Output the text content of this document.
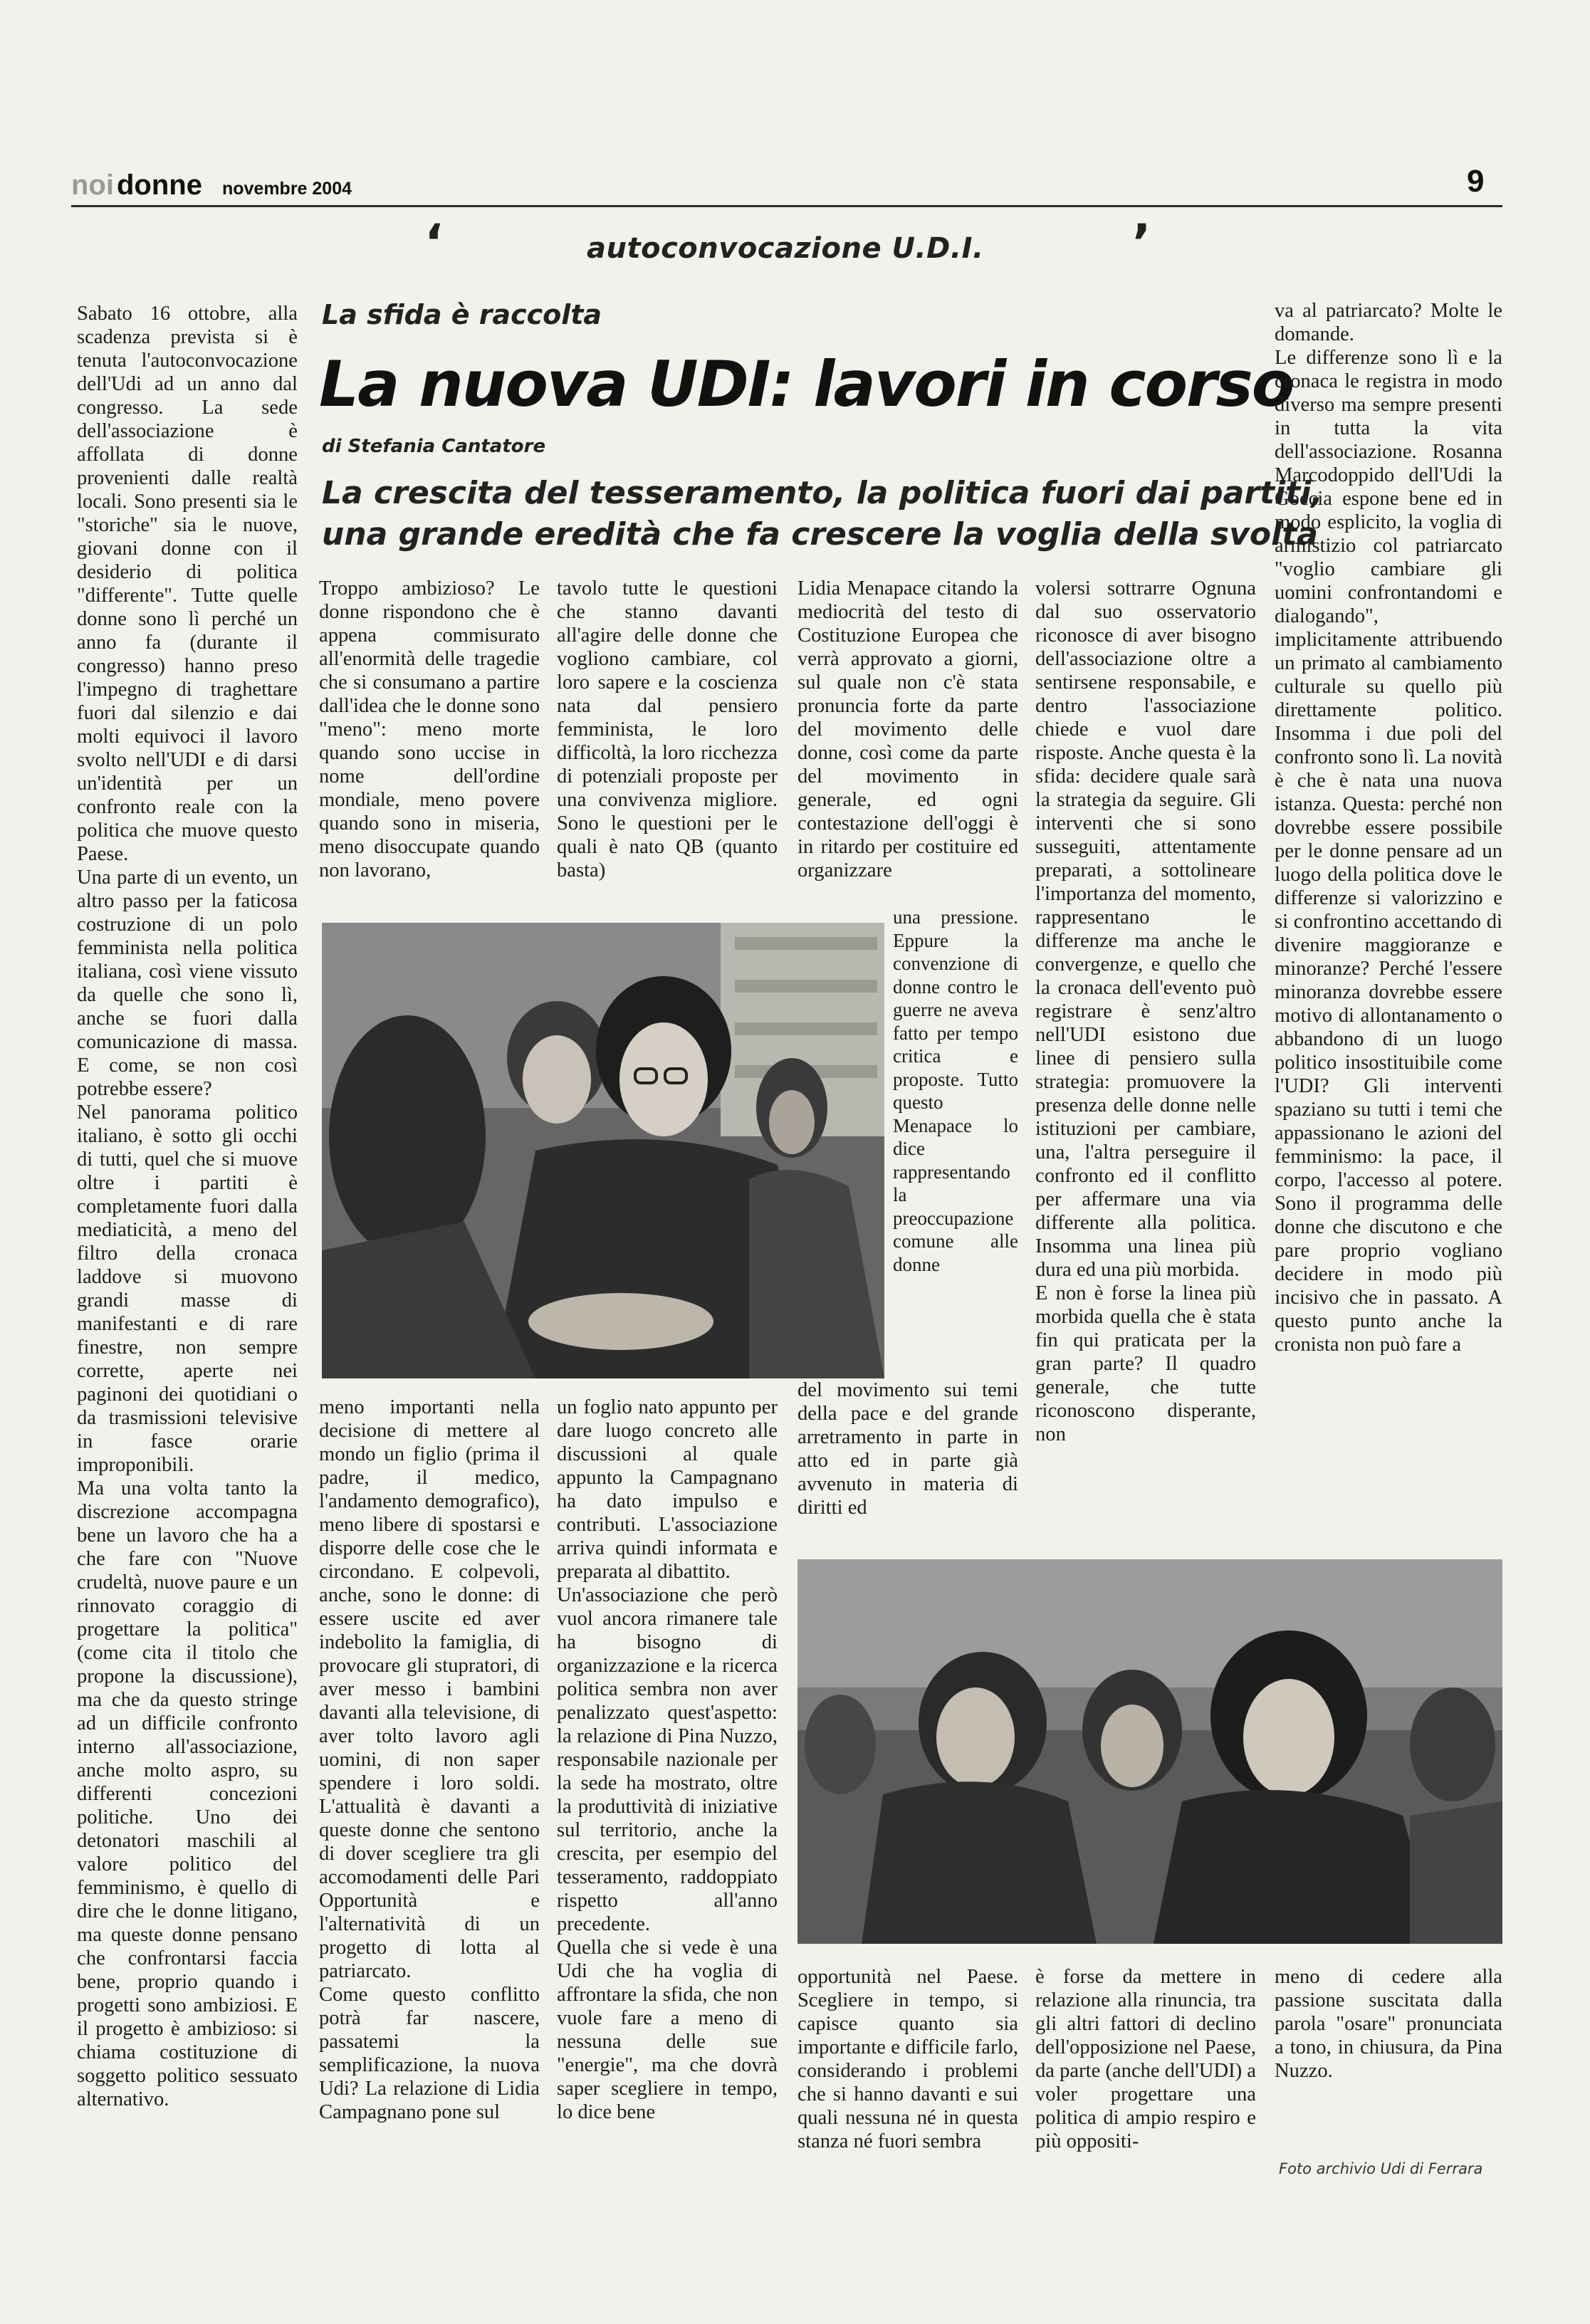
noi donne novembre 2004	9
‘	autoconvocazione U.D.I.	’
La sfida è raccolta
La nuova UDI: lavori in corso
di Stefania Cantatore
La crescita del tesseramento, la politica fuori dai partiti,
una grande eredità che fa crescere la voglia della svolta
Sabato 16 ottobre, alla scadenza prevista si è tenuta l'autoconvocazione dell'Udi ad un anno dal congresso. La sede dell'associazione è affollata di donne provenienti dalle realtà locali. Sono presenti sia le "storiche" sia le nuove, giovani donne con il desiderio di politica "differente". Tutte quelle donne sono lì perché un anno fa (durante il congresso) hanno preso l'impegno di traghettare fuori dal silenzio e dai molti equivoci il lavoro svolto nell'UDI e di darsi un'identità per un confronto reale con la politica che muove questo Paese.
Una parte di un evento, un altro passo per la faticosa costruzione di un polo femminista nella politica italiana, così viene vissuto da quelle che sono lì, anche se fuori dalla comunicazione di massa. E come, se non così potrebbe essere?
Nel panorama politico italiano, è sotto gli occhi di tutti, quel che si muove oltre i partiti è completamente fuori dalla mediaticità, a meno del filtro della cronaca laddove si muovono grandi masse di manifestanti e di rare finestre, non sempre corrette, aperte nei paginoni dei quotidiani o da trasmissioni televisive in fasce orarie improponibili.
Ma una volta tanto la discrezione accompagna bene un lavoro che ha a che fare con "Nuove crudeltà, nuove paure e un rinnovato coraggio di progettare la politica" (come cita il titolo che propone la discussione), ma che da questo stringe ad un difficile confronto interno all'associazione, anche molto aspro, su differenti concezioni politiche. Uno dei detonatori maschili al valore politico del femminismo, è quello di dire che le donne litigano, ma queste donne pensano che confrontarsi faccia bene, proprio quando i progetti sono ambiziosi. E il progetto è ambizioso: si chiama costituzione di soggetto politico sessuato alternativo.
Troppo ambizioso? Le donne rispondono che è appena commisurato all'enormità delle tragedie che si consumano a partire dall'idea che le donne sono "meno": meno morte quando sono uccise in nome dell'ordine mondiale, meno povere quando sono in miseria, meno disoccupate quando non lavorano,
tavolo tutte le questioni che stanno davanti all'agire delle donne che vogliono cambiare, col loro sapere e la coscienza nata dal pensiero femminista, le loro difficoltà, la loro ricchezza di potenziali proposte per una convivenza migliore. Sono le questioni per le quali è nato QB (quanto basta)
Lidia Menapace citando la mediocrità del testo di Costituzione Europea che verrà approvato a giorni, sul quale non c'è stata pronuncia forte da parte del movimento delle donne, così come da parte del movimento in generale, ed ogni contestazione dell'oggi è in ritardo per costituire ed organizzare
una pressione. Eppure la convenzione di donne contro le guerre ne aveva fatto per tempo critica e proposte. Tutto questo Menapace lo dice rappresentando la preoccupazione comune alle donne
del movimento sui temi della pace e del grande arretramento in parte in atto ed in parte già avvenuto in materia di diritti ed
volersi sottrarre Ognuna dal suo osservatorio riconosce di aver bisogno dell'associazione oltre a sentirsene responsabile, e dentro l'associazione chiede e vuol dare risposte. Anche questa è la sfida: decidere quale sarà la strategia da seguire. Gli interventi che si sono susseguiti, attentamente preparati, a sottolineare l'importanza del momento, rappresentano le differenze ma anche le convergenze, e quello che la cronaca dell'evento può registrare è senz'altro nell'UDI esistono due linee di pensiero sulla strategia: promuovere la presenza delle donne nelle istituzioni per cambiare, una, l'altra perseguire il confronto ed il conflitto per affermare una via differente alla politica. Insomma una linea più dura ed una più morbida.
E non è forse la linea più morbida quella che è stata fin qui praticata per la gran parte? Il quadro generale, che tutte riconoscono disperante, non
va al patriarcato? Molte le domande.
Le differenze sono lì e la cronaca le registra in modo diverso ma sempre presenti in tutta la vita dell'associazione. Rosanna Marcodoppido dell'Udi la Goccia espone bene ed in modo esplicito, la voglia di armistizio col patriarcato "voglio cambiare gli uomini confrontandomi e dialogando", implicitamente attribuendo un primato al cambiamento culturale su quello più direttamente politico. Insomma i due poli del confronto sono lì. La novità è che è nata una nuova istanza. Questa: perché non dovrebbe essere possibile per le donne pensare ad un luogo della politica dove le differenze si valorizzino e si confrontino accettando di divenire maggioranze e minoranze? Perché l'essere minoranza dovrebbe essere motivo di allontanamento o abbandono di un luogo politico insostituibile come l'UDI? Gli interventi spaziano su tutti i temi che appassionano le azioni del femminismo: la pace, il corpo, l'accesso al potere. Sono il programma delle donne che discutono e che pare proprio vogliano decidere in modo più incisivo che in passato. A questo punto anche la cronista non può fare a
meno importanti nella decisione di mettere al mondo un figlio (prima il padre, il medico, l'andamento demografico), meno libere di spostarsi e disporre delle cose che le circondano. E colpevoli, anche, sono le donne: di essere uscite ed aver indebolito la famiglia, di provocare gli stupratori, di aver messo i bambini davanti alla televisione, di aver tolto lavoro agli uomini, di non saper spendere i loro soldi. L'attualità è davanti a queste donne che sentono di dover scegliere tra gli accomodamenti delle Pari Opportunità e l'alternatività di un progetto di lotta al patriarcato.
Come questo conflitto potrà far nascere, passatemi la semplificazione, la nuova Udi? La relazione di Lidia Campagnano pone sul
un foglio nato appunto per dare luogo concreto alle discussioni al quale appunto la Campagnano ha dato impulso e contributi. L'associazione arriva quindi informata e preparata al dibattito.
Un'associazione che però vuol ancora rimanere tale ha bisogno di organizzazione e la ricerca politica sembra non aver penalizzato quest'aspetto: la relazione di Pina Nuzzo, responsabile nazionale per la sede ha mostrato, oltre la produttività di iniziative sul territorio, anche la crescita, per esempio del tesseramento, raddoppiato rispetto all'anno precedente.
Quella che si vede è una Udi che ha voglia di affrontare la sfida, che non vuole fare a meno di nessuna delle sue "energie", ma che dovrà saper scegliere in tempo, lo dice bene
opportunità nel Paese. Scegliere in tempo, si capisce quanto sia importante e difficile farlo, considerando i problemi che si hanno davanti e sui quali nessuna né in questa stanza né fuori sembra
è forse da mettere in relazione alla rinuncia, tra gli altri fattori di declino dell'opposizione nel Paese, da parte (anche dell'UDI) a voler progettare una politica di ampio respiro e più oppositi-
meno di cedere alla passione suscitata dalla parola "osare" pronunciata a tono, in chiusura, da Pina Nuzzo.
Foto archivio Udi di Ferrara
